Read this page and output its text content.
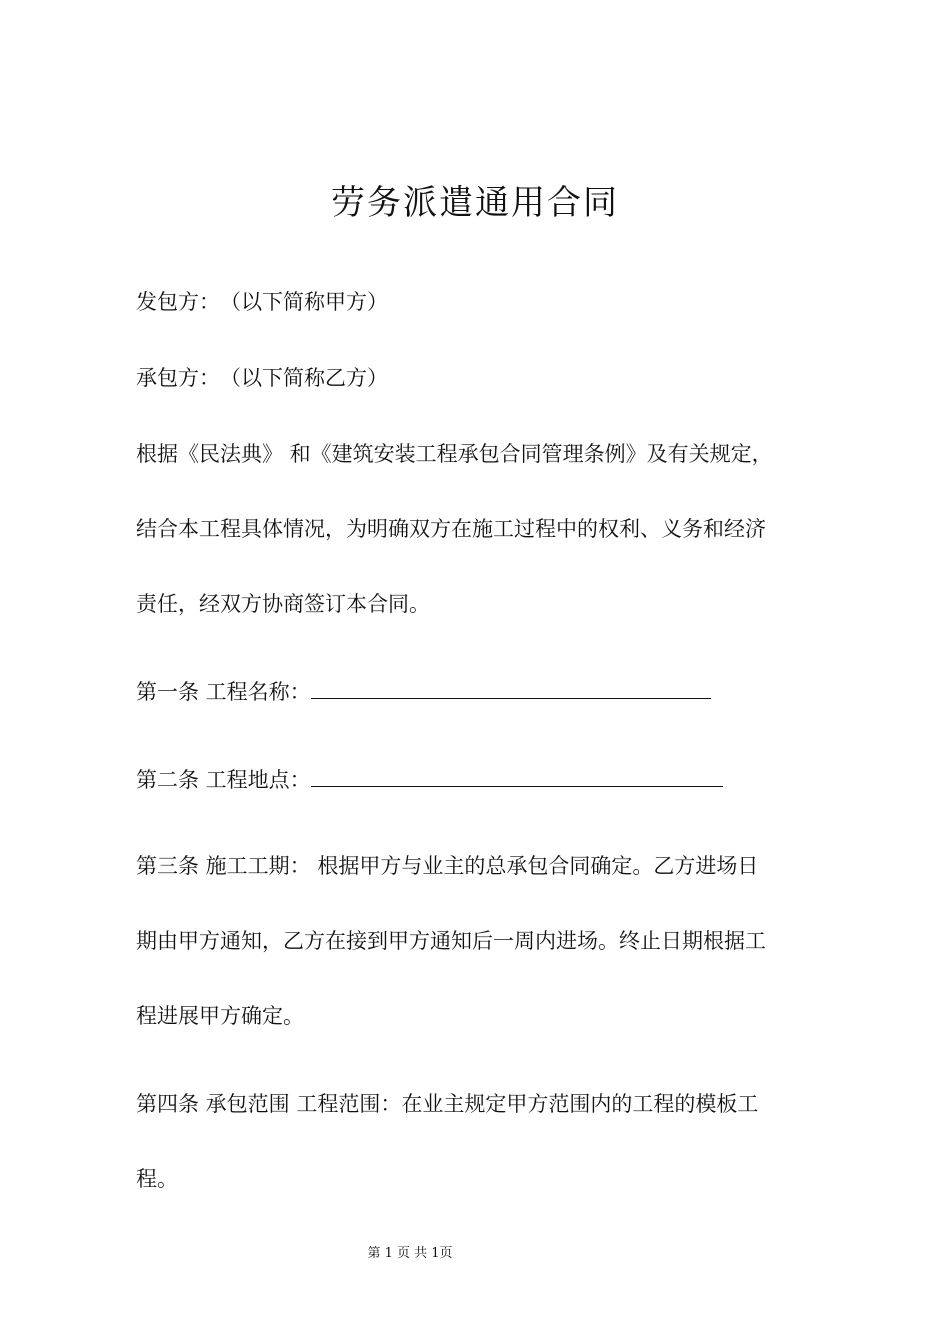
劳务派遣通用合同
发包方：　（以下简称甲方）
承包方：　（以下简称乙方）
根据《民法典》 和《建筑安装工程承包合同管理条例》及有关规定，
结合本工程具体情况，为明确双方在施工过程中的权利、义务和经济
责任，经双方协商签订本合同。
第一条 工程名称：
第二条 工程地点：
第三条 施工工期： 根据甲方与业主的总承包合同确定。乙方进场日
期由甲方通知，乙方在接到甲方通知后一周内进场。终止日期根据工
程进展甲方确定。
第四条 承包范围 工程范围：在业主规定甲方范围内的工程的模板工
程。
第 1 页 共 1页
